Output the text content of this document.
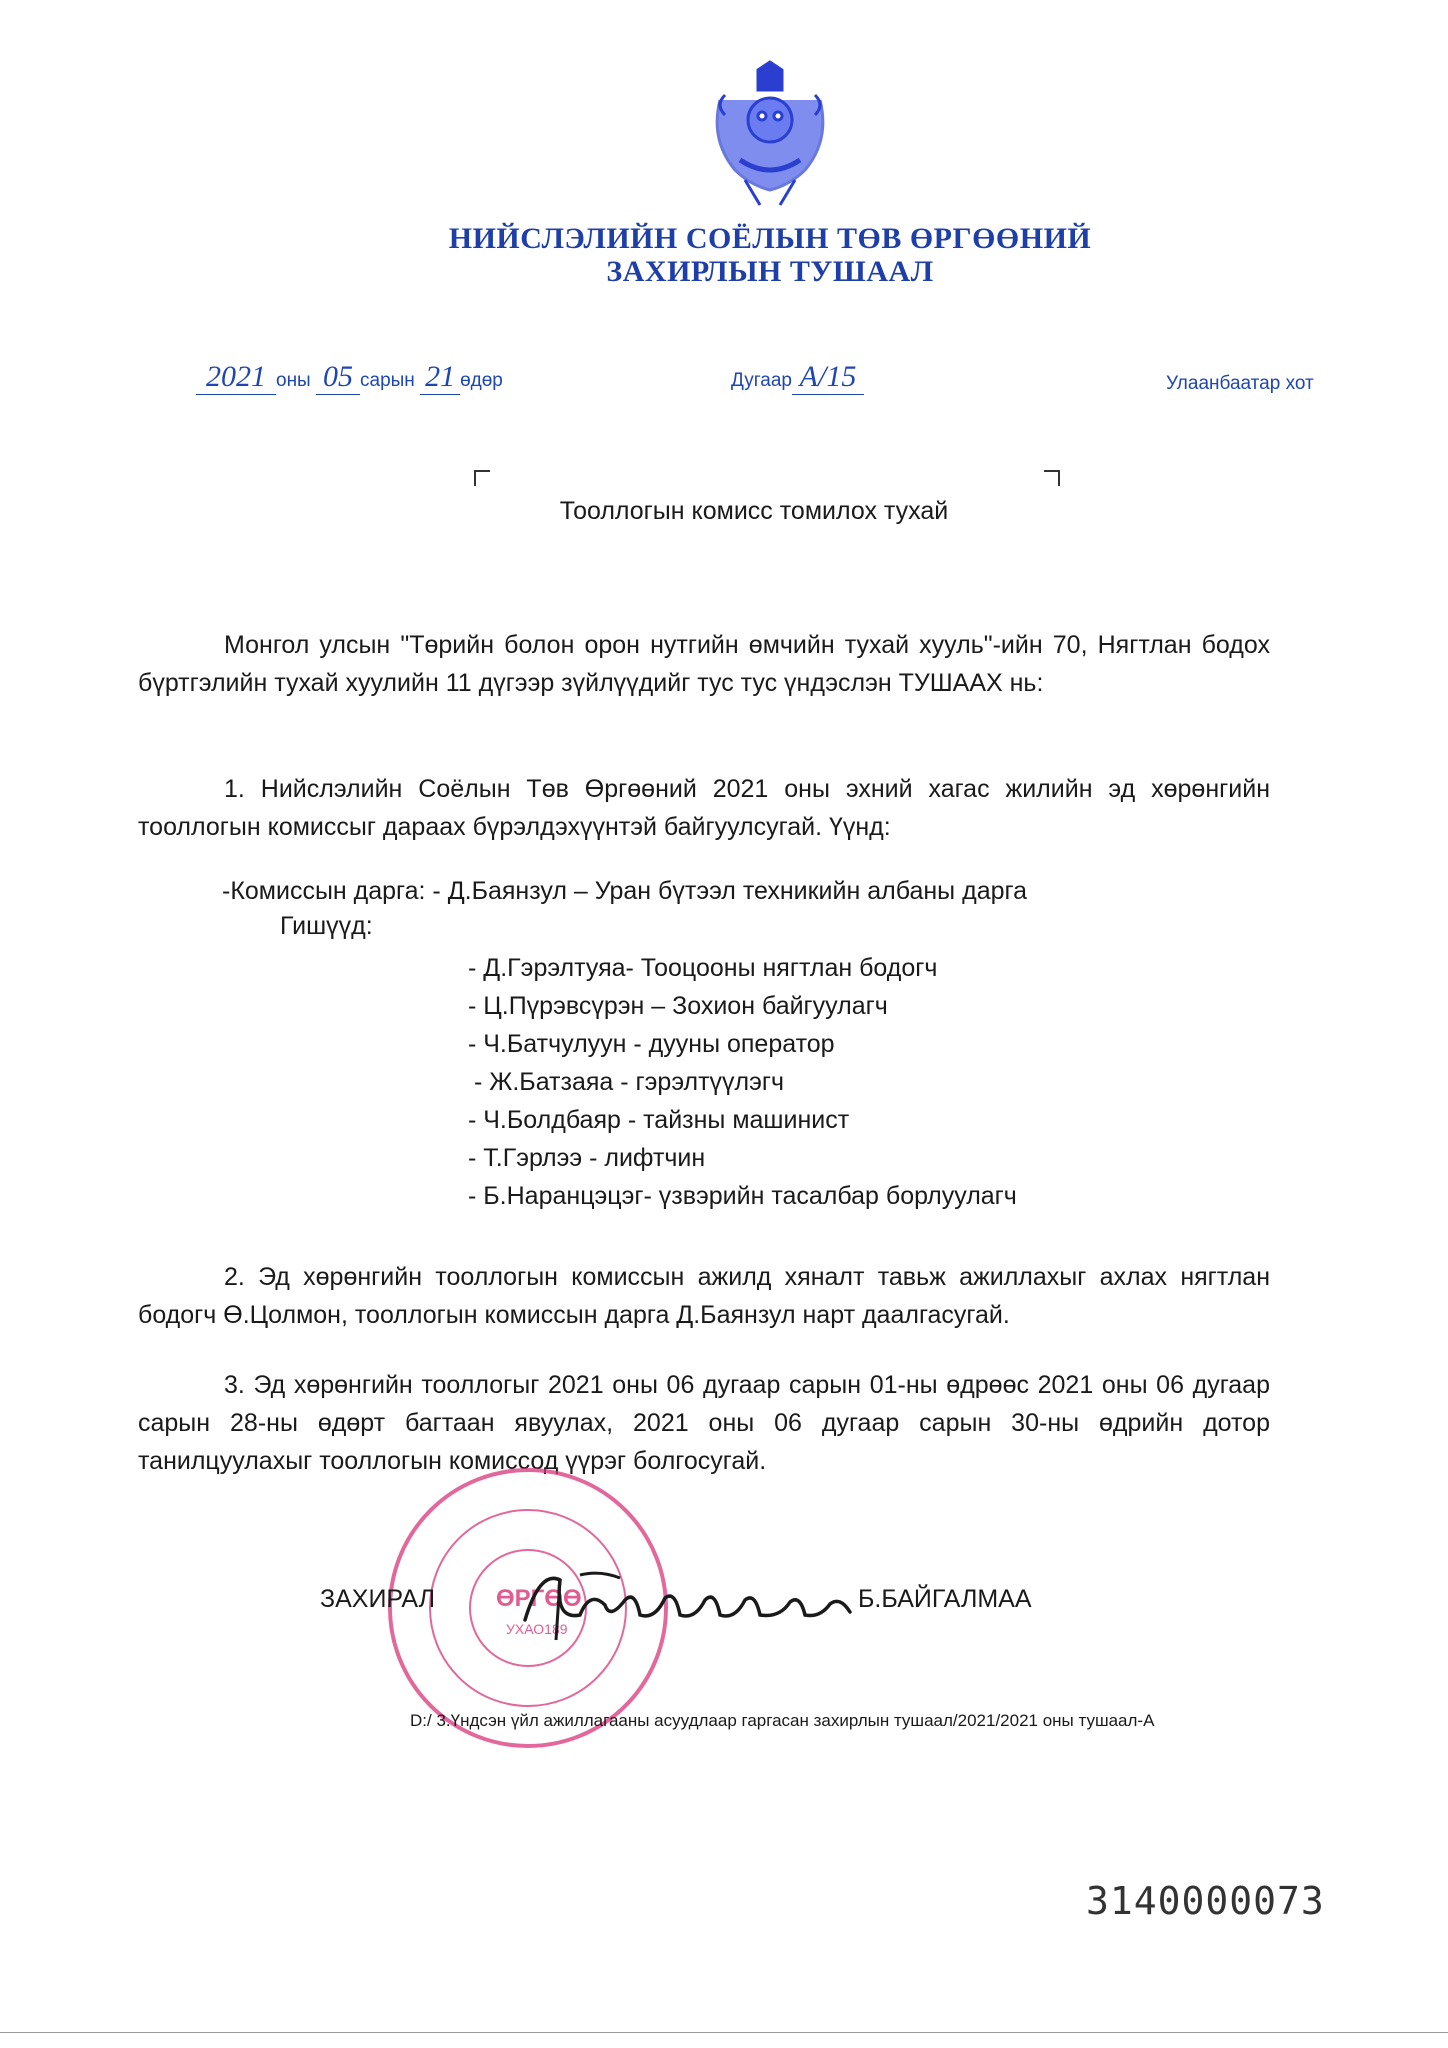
НИЙСЛЭЛИЙН СОЁЛЫН ТӨВ ӨРГӨӨНИЙ
ЗАХИРЛЫН ТУШААЛ
2021 оны 05 сарын 21 өдөр	Дугаар А/15	Улаанбаатар хот
Тооллогын комисс томилох тухай
Монгол улсын "Төрийн болон орон нутгийн өмчийн тухай хууль"-ийн 70, Нягтлан бодох бүртгэлийн тухай хуулийн 11 дүгээр зүйлүүдийг тус тус үндэслэн ТУШААХ нь:
1. Нийслэлийн Соёлын Төв Өргөөний 2021 оны эхний хагас жилийн эд хөрөнгийн тооллогын комиссыг дараах бүрэлдэхүүнтэй байгуулсугай. Үүнд:
-Комиссын дарга: - Д.Баянзул – Уран бүтээл техникийн албаны дарга
Гишүүд:
- Д.Гэрэлтуяа- Тооцооны нягтлан бодогч
- Ц.Пүрэвсүрэн – Зохион байгуулагч
- Ч.Батчулуун - дууны оператор
- Ж.Батзаяа - гэрэлтүүлэгч
- Ч.Болдбаяр - тайзны машинист
- Т.Гэрлээ - лифтчин
- Б.Наранцэцэг- үзвэрийн тасалбар борлуулагч
2. Эд хөрөнгийн тооллогын комиссын ажилд хяналт тавьж ажиллахыг ахлах нягтлан бодогч Ө.Цолмон, тооллогын комиссын дарга Д.Баянзул нарт даалгасугай.
3. Эд хөрөнгийн тооллогыг 2021 оны 06 дугаар сарын 01-ны өдрөөс 2021 оны 06 дугаар сарын 28-ны өдөрт багтаан явуулах, 2021 оны 06 дугаар сарын 30-ны өдрийн дотор танилцуулахыг тооллогын комиссод үүрэг болгосугай.
ӨРГӨӨ
УХАО189
ЗАХИРАЛ	Б.БАЙГАЛМАА
D:/ 3.Үндсэн үйл ажиллагааны асуудлаар гаргасан захирлын тушаал/2021/2021 оны тушаал-А
3140000073
